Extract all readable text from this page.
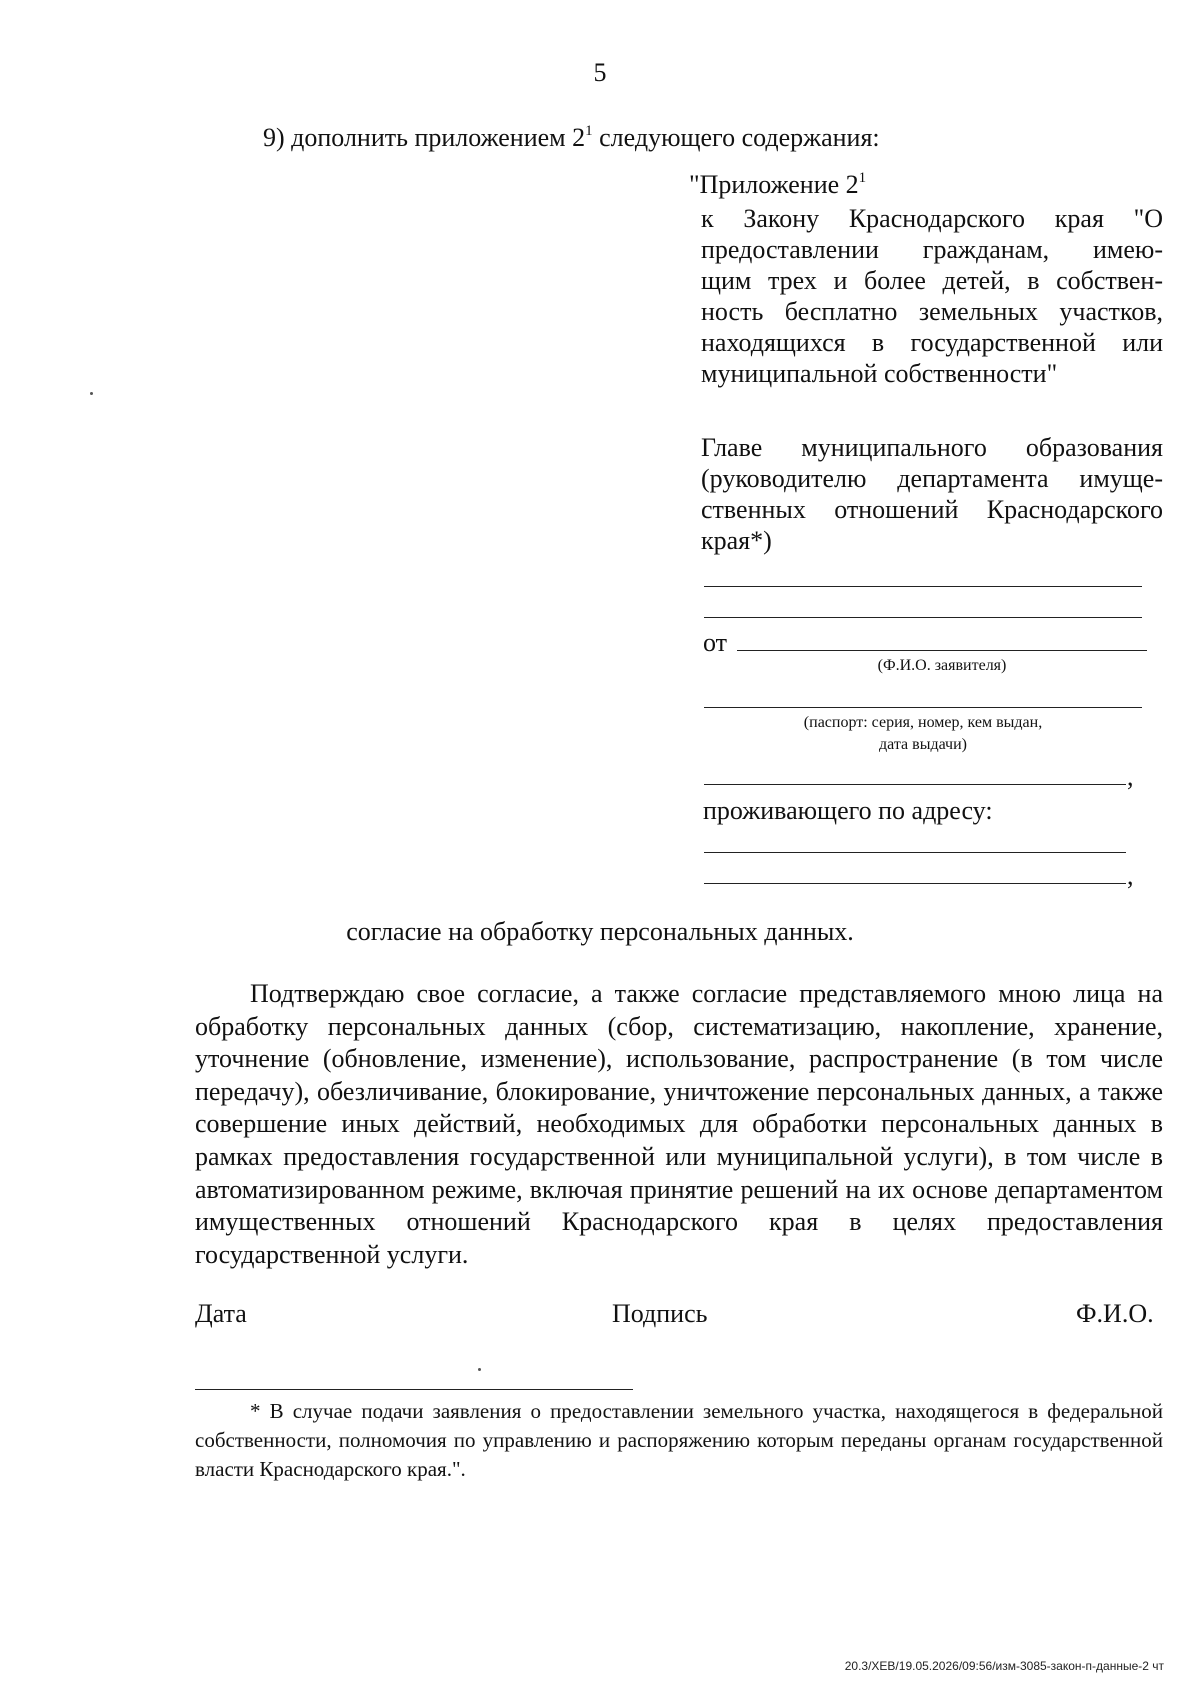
5
9) дополнить приложением $2^1$ следующего содержания:
"Приложение $2^1$
к Закону Краснодарского края "О
предоставлении гражданам, имею-
щим трех и более детей, в собствен-
ность бесплатно земельных участков,
находящихся в государственной или
муниципальной собственности"
Главе муниципального образования
(руководителю департамента имуще-
ственных отношений Краснодарского
края*)
от
(Ф.И.О. заявителя)
(паспорт: серия, номер, кем выдан,
дата выдачи)
,
проживающего по адресу:
,
согласие на обработку персональных данных.

Подтверждаю свое согласие, а также согласие представляемого мною лица на обработку персональных данных (сбор, систематизацию, накопление, хранение, уточнение (обновление, изменение), использование, распространение (в том числе передачу), обезличивание, блокирование, уничтожение персональных данных, а также совершение иных действий, необходимых для обработки персональных данных в рамках предоставления государственной или муниципальной услуги), в том числе в автоматизированном режиме, включая принятие решений на их основе департаментом имущественных отношений Краснодарского края в целях предоставления государственной услуги.

Дата	Подпись	Ф.И.О.

* В случае подачи заявления о предоставлении земельного участка, находящегося в федеральной собственности, полномочия по управлению и распоряжению которым переданы органам государственной власти Краснодарского края.".

20.3/ХЕВ/19.05.2026/09:56/изм-3085-закон-п-данные-2 чт
